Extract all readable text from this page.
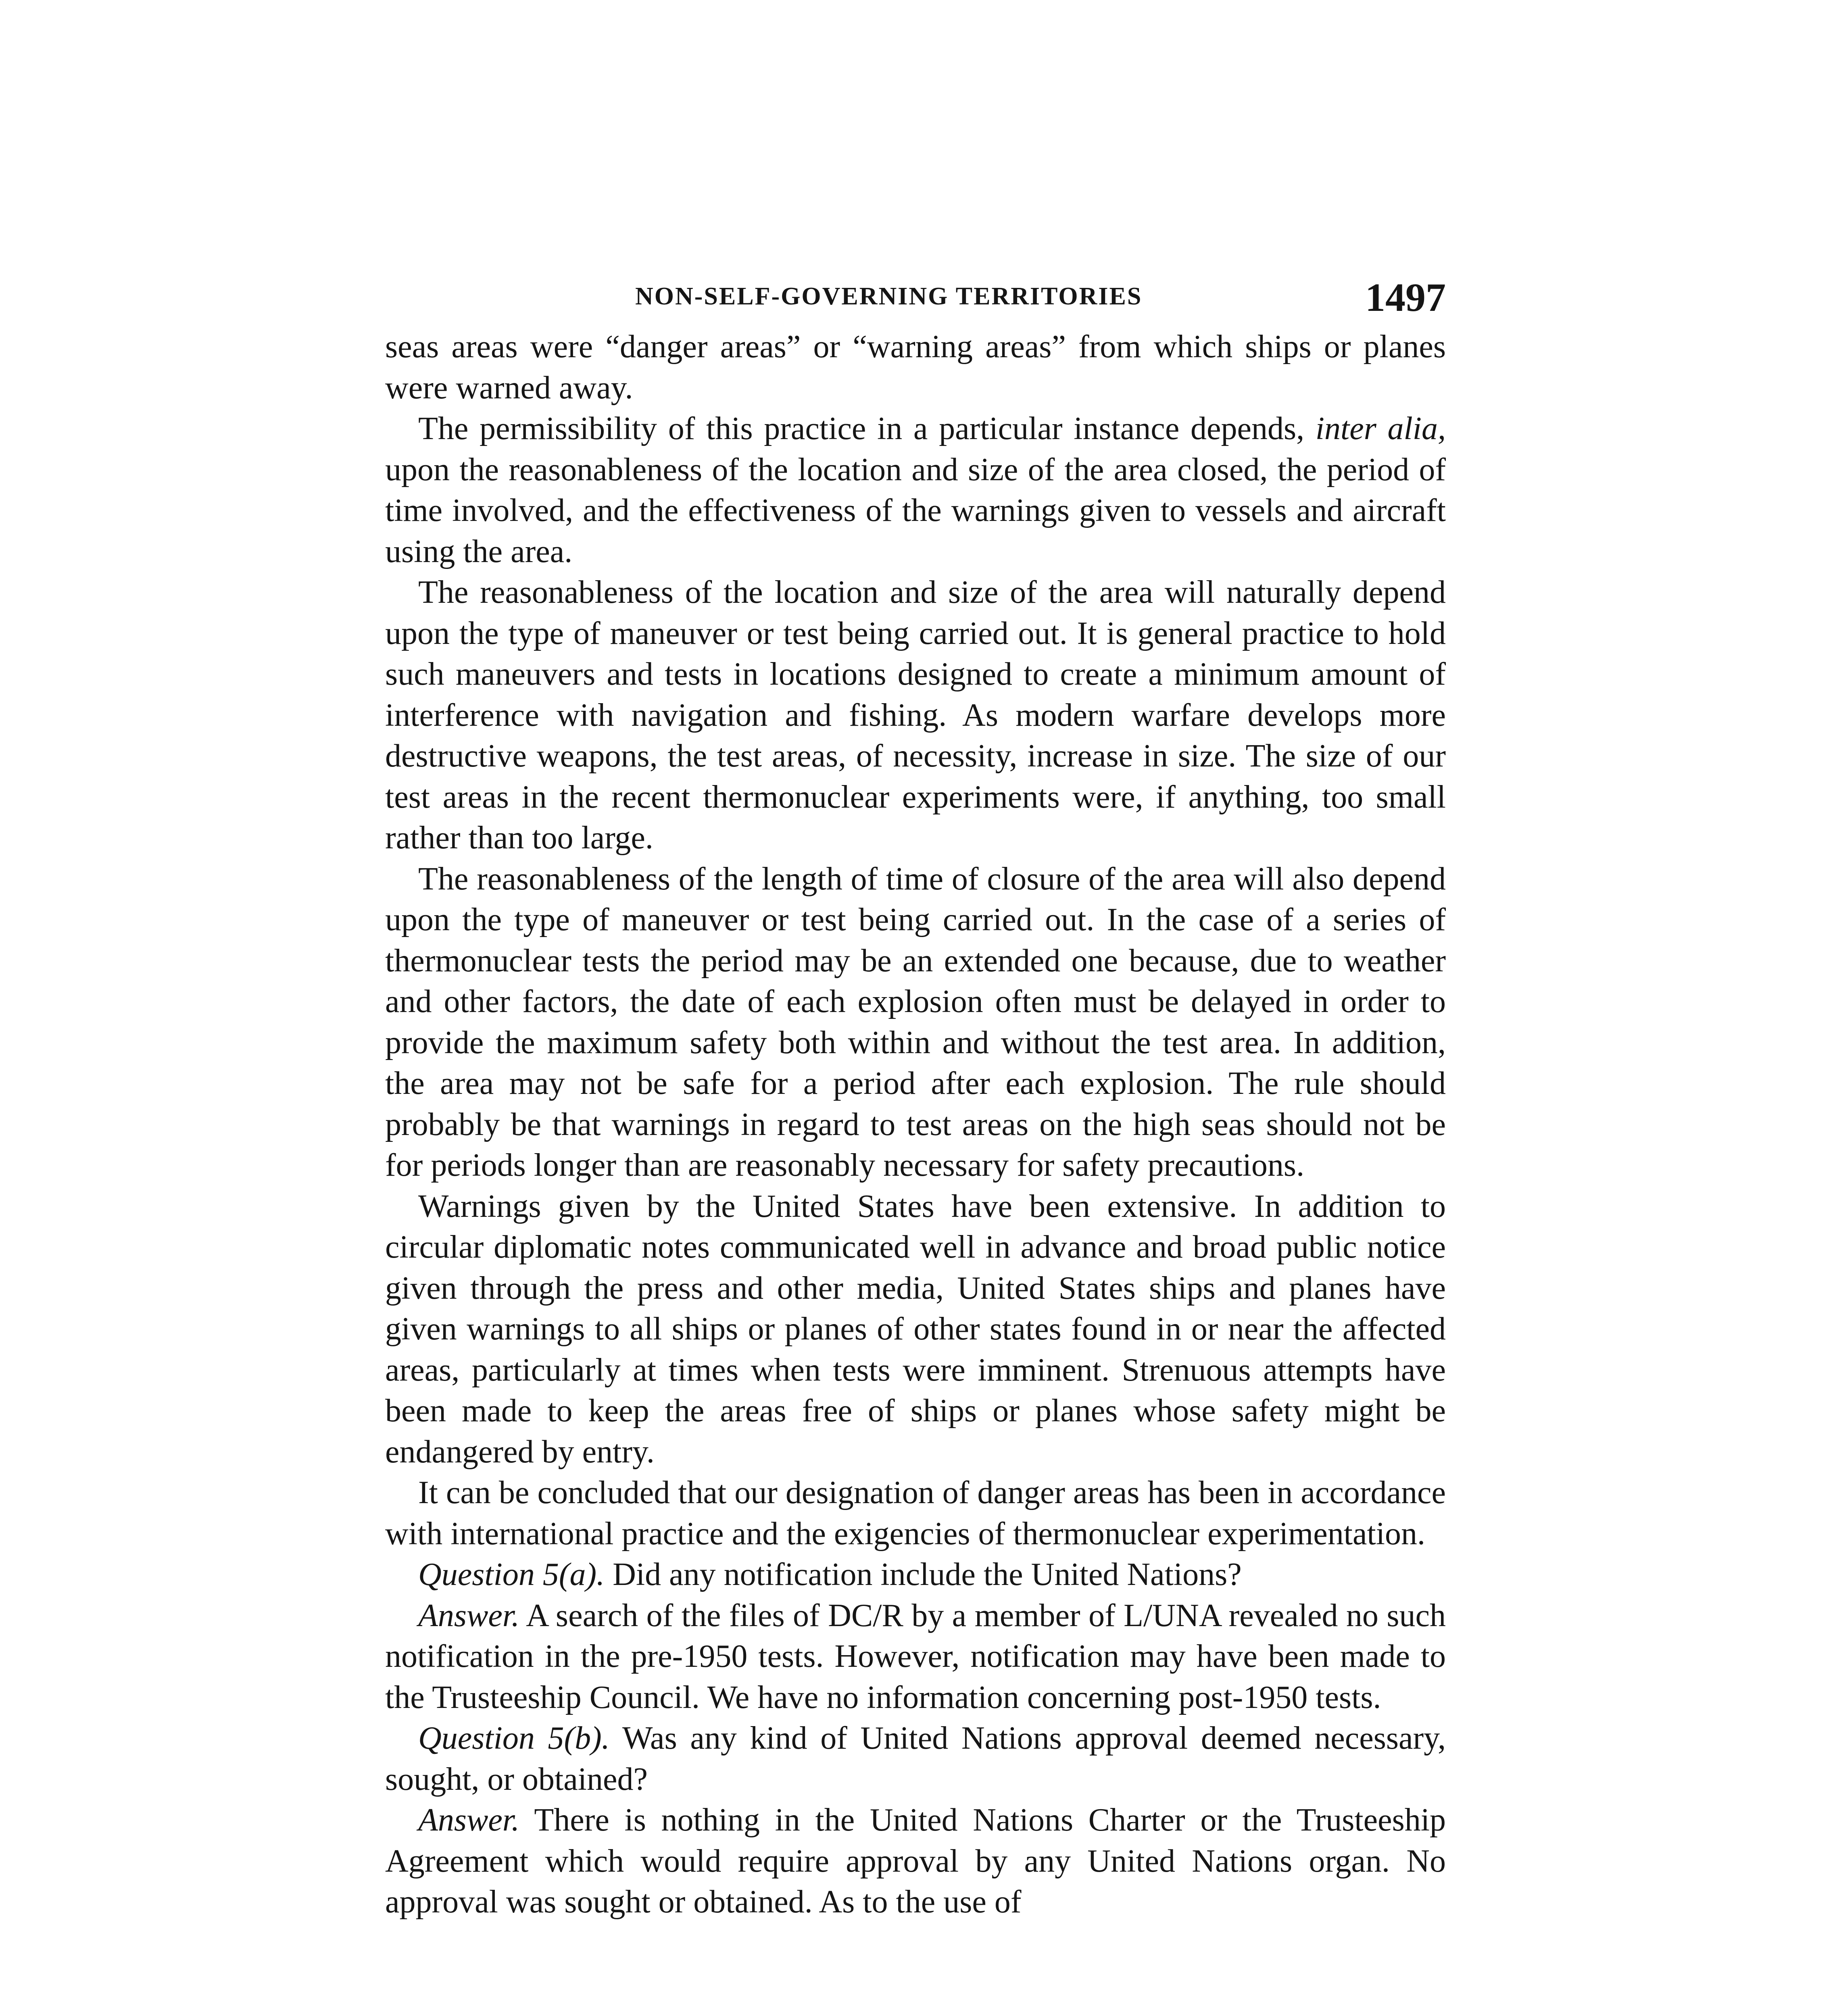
NON-SELF-GOVERNING TERRITORIES	1497

seas areas were “danger areas” or “warning areas” from which ships or planes were warned away.

The permissibility of this practice in a particular instance depends, inter alia, upon the reasonableness of the location and size of the area closed, the period of time involved, and the effectiveness of the warnings given to vessels and aircraft using the area.

The reasonableness of the location and size of the area will naturally depend upon the type of maneuver or test being carried out. It is general practice to hold such maneuvers and tests in locations designed to create a minimum amount of interference with navigation and fishing. As modern warfare develops more destructive weapons, the test areas, of necessity, increase in size. The size of our test areas in the recent thermonuclear experiments were, if anything, too small rather than too large.

The reasonableness of the length of time of closure of the area will also depend upon the type of maneuver or test being carried out. In the case of a series of thermonuclear tests the period may be an extended one because, due to weather and other factors, the date of each explosion often must be delayed in order to provide the maximum safety both within and without the test area. In addition, the area may not be safe for a period after each explosion. The rule should probably be that warnings in regard to test areas on the high seas should not be for periods longer than are reasonably necessary for safety precautions.

Warnings given by the United States have been extensive. In addition to circular diplomatic notes communicated well in advance and broad public notice given through the press and other media, United States ships and planes have given warnings to all ships or planes of other states found in or near the affected areas, particularly at times when tests were imminent. Strenuous attempts have been made to keep the areas free of ships or planes whose safety might be endangered by entry.

It can be concluded that our designation of danger areas has been in accordance with international practice and the exigencies of thermonuclear experimentation.

Question 5(a). Did any notification include the United Nations?

Answer. A search of the files of DC/R by a member of L/UNA revealed no such notification in the pre-1950 tests. However, notification may have been made to the Trusteeship Council. We have no information concerning post-1950 tests.

Question 5(b). Was any kind of United Nations approval deemed necessary, sought, or obtained?

Answer. There is nothing in the United Nations Charter or the Trusteeship Agreement which would require approval by any United Nations organ. No approval was sought or obtained. As to the use of
